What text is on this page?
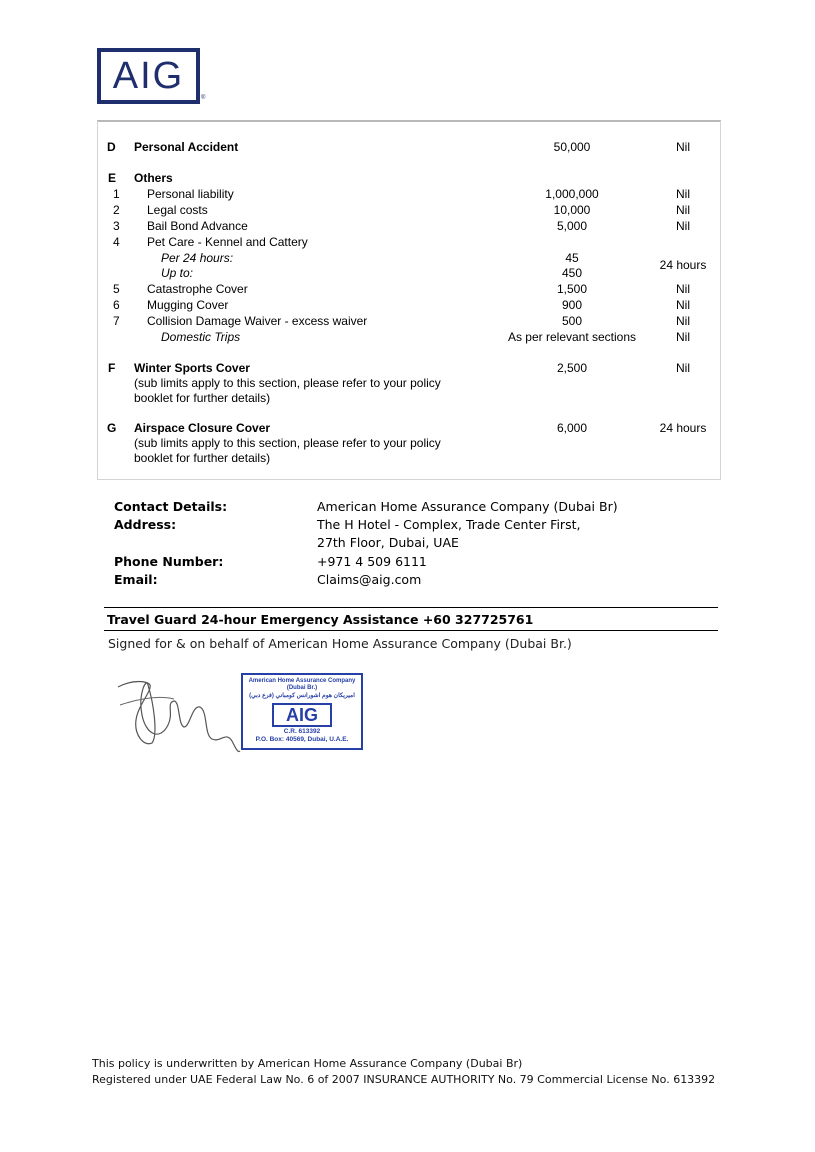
AIG
®
D Personal Accident	50,000	Nil
E Others
1 Personal liability	1,000,000	Nil
2 Legal costs	10,000	Nil
3 Bail Bond Advance	5,000	Nil
4 Pet Care - Kennel and Cattery
Per 24 hours:	45	24 hours
Up to:	450
5 Catastrophe Cover	1,500	Nil
6 Mugging Cover	900	Nil
7 Collision Damage Waiver - excess waiver	500	Nil
Domestic Trips	As per relevant sections	Nil
F Winter Sports Cover	2,500	Nil
(sub limits apply to this section, please refer to your policy
booklet for further details)
G Airspace Closure Cover	6,000	24 hours
(sub limits apply to this section, please refer to your policy
booklet for further details)
Contact Details:	American Home Assurance Company (Dubai Br)
Address:	The H Hotel - Complex, Trade Center First,
27th Floor, Dubai, UAE
Phone Number:	+971 4 509 6111
Email:	Claims@aig.com
Travel Guard 24-hour Emergency Assistance +60 327725761
Signed for & on behalf of American Home Assurance Company (Dubai Br.)
American Home Assurance Company (Dubai Br.)
اميريكان هوم اشورانس كومباني (فرع دبي)
AIG
C.R. 613392
P.O. Box: 40569, Dubai, U.A.E.
This policy is underwritten by American Home Assurance Company (Dubai Br)
Registered under UAE Federal Law No. 6 of 2007 INSURANCE AUTHORITY No. 79 Commercial License No. 613392
